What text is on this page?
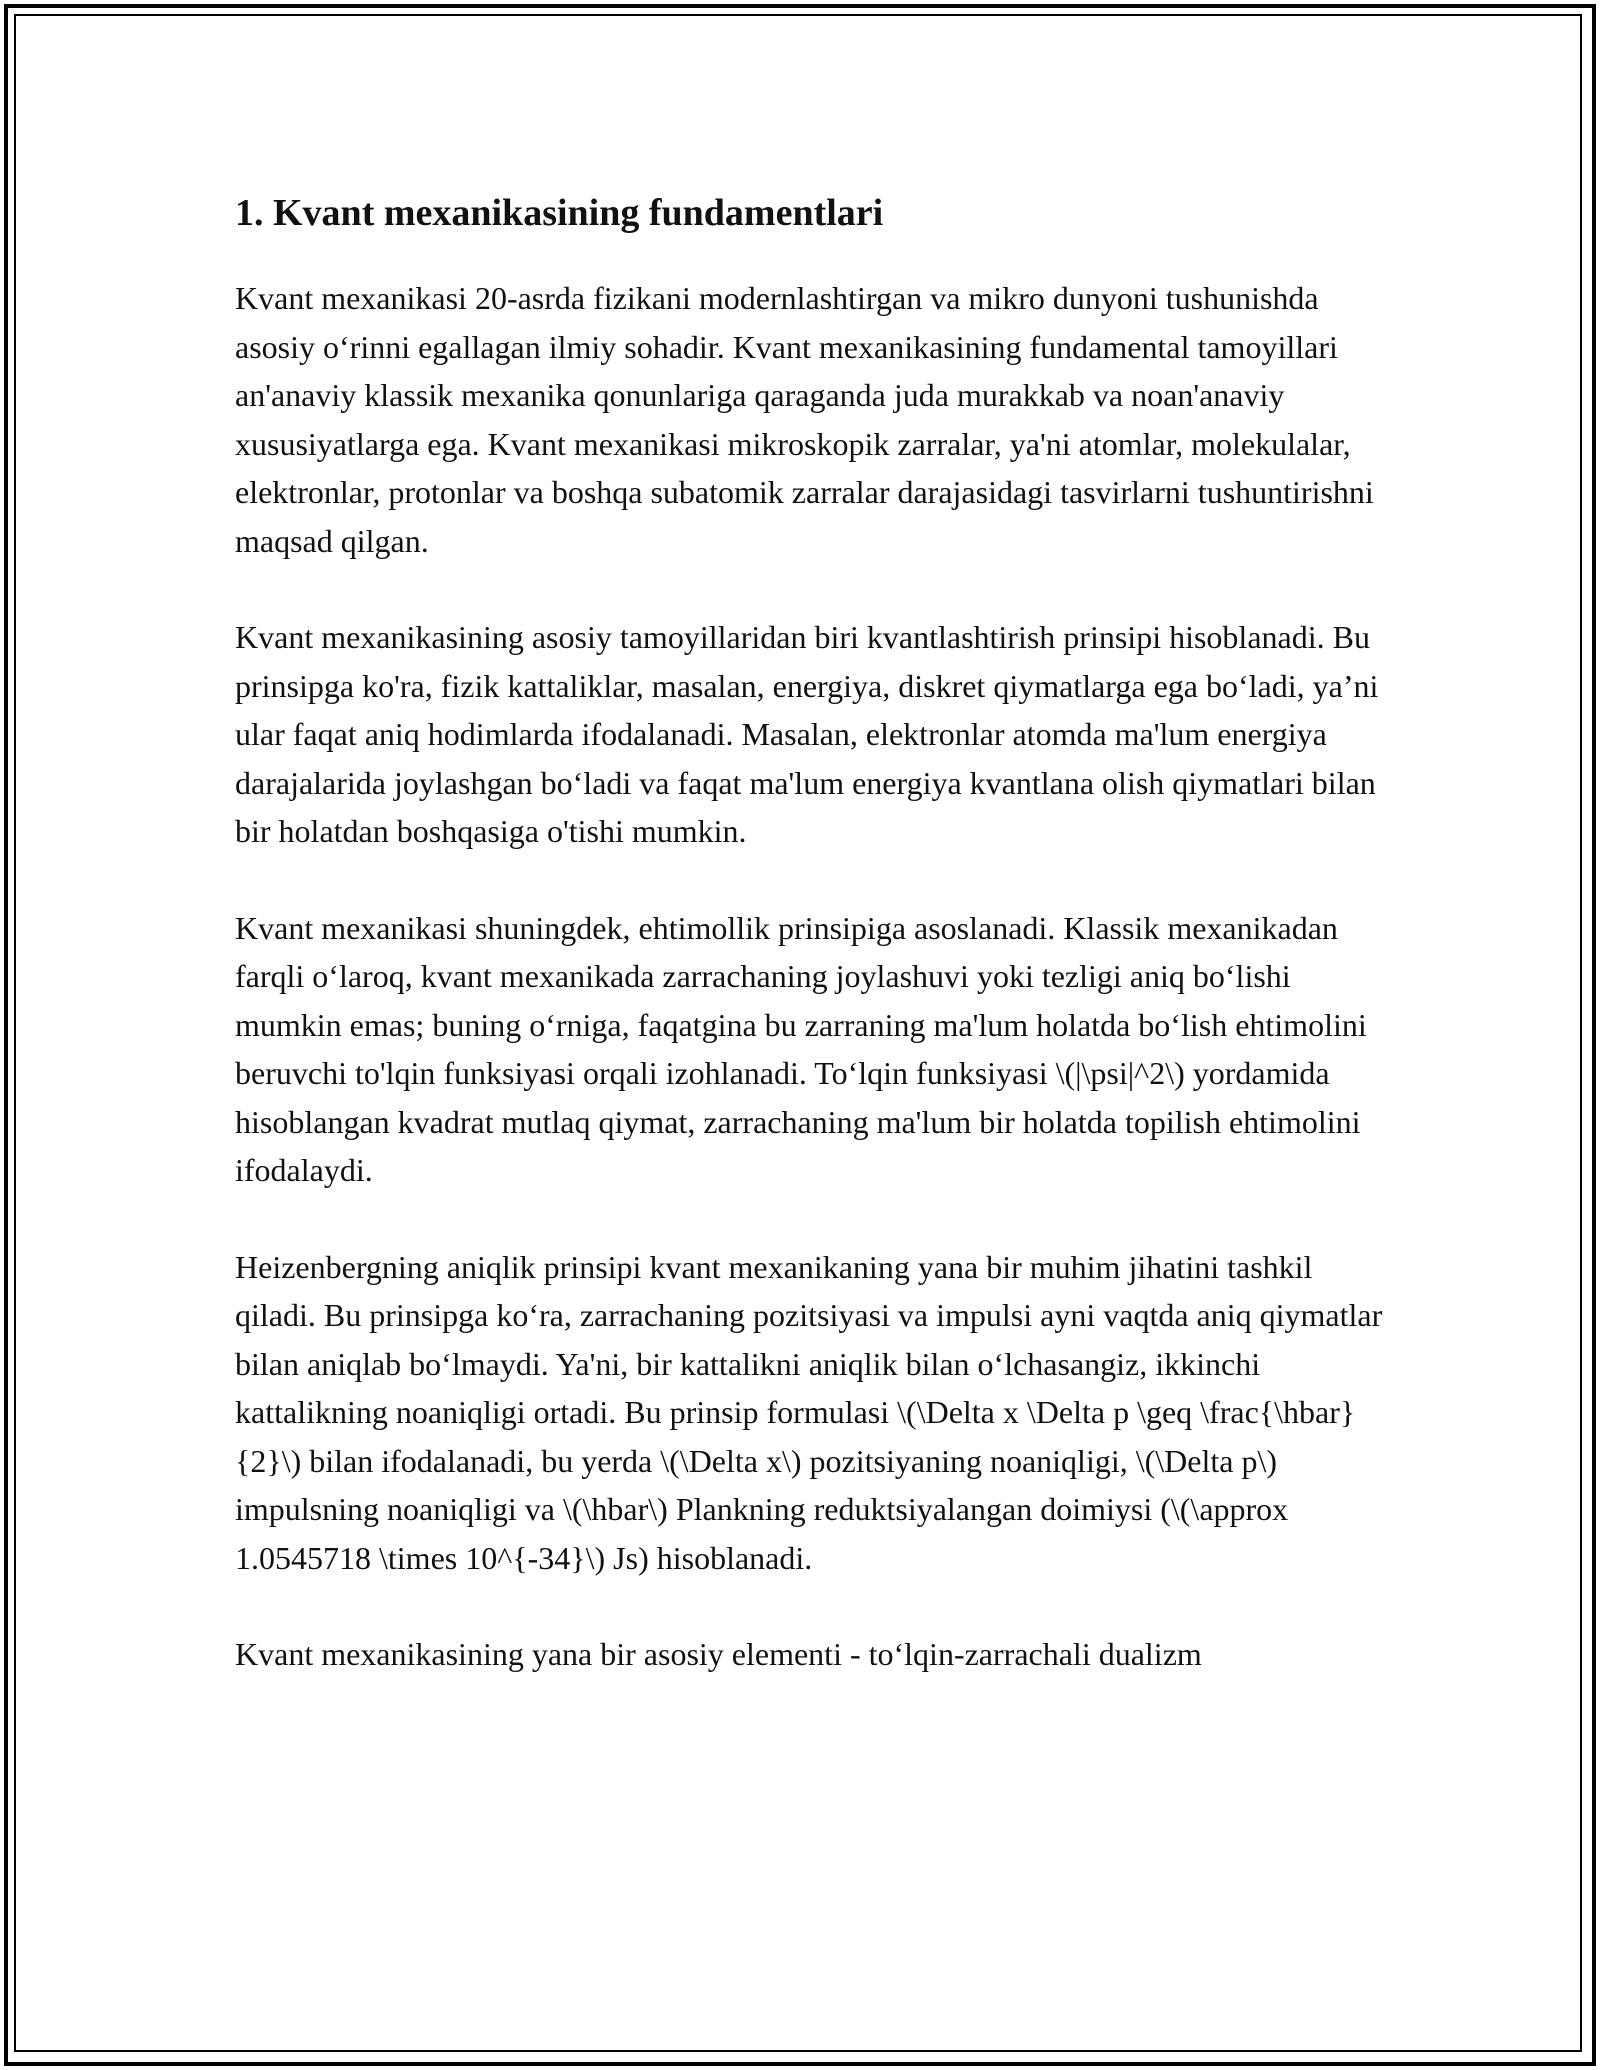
1. Kvant mexanikasining fundamentlari

Kvant mexanikasi 20-asrda fizikani modernlashtirgan va mikro dunyoni tushunishda asosiy o‘rinni egallagan ilmiy sohadir. Kvant mexanikasining fundamental tamoyillari an'anaviy klassik mexanika qonunlariga qaraganda juda murakkab va noan'anaviy xususiyatlarga ega. Kvant mexanikasi mikroskopik zarralar, ya'ni atomlar, molekulalar, elektronlar, protonlar va boshqa subatomik zarralar darajasidagi tasvirlarni tushuntirishni maqsad qilgan.

Kvant mexanikasining asosiy tamoyillaridan biri kvantlashtirish prinsipi hisoblanadi. Bu prinsipga ko'ra, fizik kattaliklar, masalan, energiya, diskret qiymatlarga ega bo‘ladi, ya’ni ular faqat aniq hodimlarda ifodalanadi. Masalan, elektronlar atomda ma'lum energiya darajalarida joylashgan bo‘ladi va faqat ma'lum energiya kvantlana olish qiymatlari bilan bir holatdan boshqasiga o'tishi mumkin.

Kvant mexanikasi shuningdek, ehtimollik prinsipiga asoslanadi. Klassik mexanikadan farqli o‘laroq, kvant mexanikada zarrachaning joylashuvi yoki tezligi aniq bo‘lishi mumkin emas; buning o‘rniga, faqatgina bu zarraning ma'lum holatda bo‘lish ehtimolini beruvchi to'lqin funksiyasi orqali izohlanadi. To‘lqin funksiyasi \(|\psi|^2\) yordamida hisoblangan kvadrat mutlaq qiymat, zarrachaning ma'lum bir holatda topilish ehtimolini ifodalaydi.

Heizenbergning aniqlik prinsipi kvant mexanikaning yana bir muhim jihatini tashkil qiladi. Bu prinsipga ko‘ra, zarrachaning pozitsiyasi va impulsi ayni vaqtda aniq qiymatlar bilan aniqlab bo‘lmaydi. Ya'ni, bir kattalikni aniqlik bilan o‘lchasangiz, ikkinchi kattalikning noaniqligi ortadi. Bu prinsip formulasi \(\Delta x \Delta p \geq \frac{\hbar}{2}\) bilan ifodalanadi, bu yerda \(\Delta x\) pozitsiyaning noaniqligi, \(\Delta p\) impulsning noaniqligi va \(\hbar\) Plankning reduktsiyalangan doimiysi (\(\approx 1.0545718 \times 10^{-34}\) Js) hisoblanadi.

Kvant mexanikasining yana bir asosiy elementi - to‘lqin-zarrachali dualizm
